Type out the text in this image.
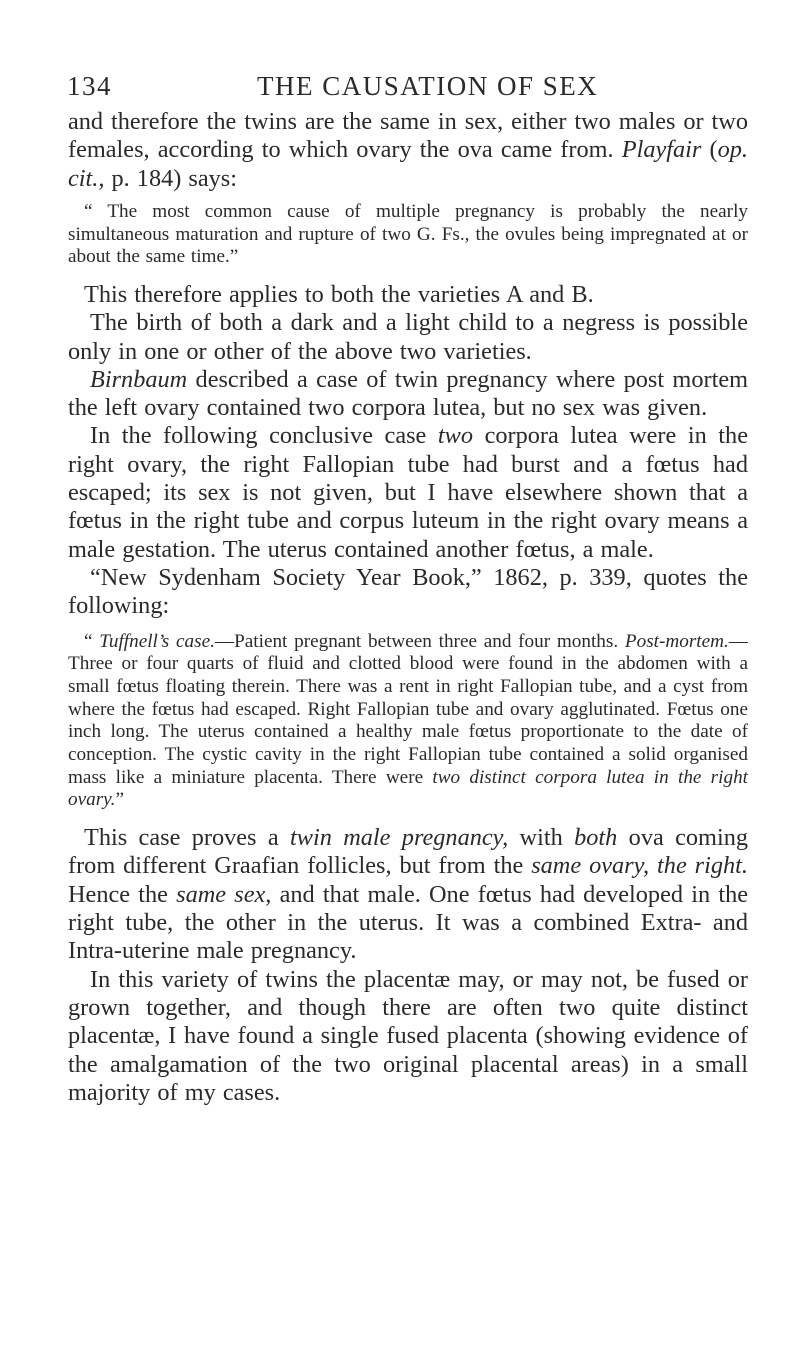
134	THE CAUSATION OF SEX

and therefore the twins are the same in sex, either two males or two females, according to which ovary the ova came from. Playfair (op. cit., p. 184) says:

“ The most common cause of multiple pregnancy is probably the nearly simultaneous maturation and rupture of two G. Fs., the ovules being impregnated at or about the same time.”

This therefore applies to both the varieties A and B.

The birth of both a dark and a light child to a negress is possible only in one or other of the above two varieties.

Birnbaum described a case of twin pregnancy where post mortem the left ovary contained two corpora lutea, but no sex was given.

In the following conclusive case two corpora lutea were in the right ovary, the right Fallopian tube had burst and a fœtus had escaped; its sex is not given, but I have elsewhere shown that a fœtus in the right tube and corpus luteum in the right ovary means a male gestation. The uterus contained another fœtus, a male.

“New Sydenham Society Year Book,” 1862, p. 339, quotes the following:

“ Tuffnell’s case.—Patient pregnant between three and four months. Post-mortem.—Three or four quarts of fluid and clotted blood were found in the abdomen with a small fœtus floating therein. There was a rent in right Fallopian tube, and a cyst from where the fœtus had escaped. Right Fallopian tube and ovary agglutinated. Fœtus one inch long. The uterus contained a healthy male fœtus proportionate to the date of conception. The cystic cavity in the right Fallopian tube contained a solid organised mass like a miniature placenta. There were two distinct corpora lutea in the right ovary.”

This case proves a twin male pregnancy, with both ova coming from different Graafian follicles, but from the same ovary, the right. Hence the same sex, and that male. One fœtus had developed in the right tube, the other in the uterus. It was a combined Extra- and Intra-uterine male pregnancy.

In this variety of twins the placentæ may, or may not, be fused or grown together, and though there are often two quite distinct placentæ, I have found a single fused placenta (showing evidence of the amalgamation of the two original placental areas) in a small majority of my cases.
